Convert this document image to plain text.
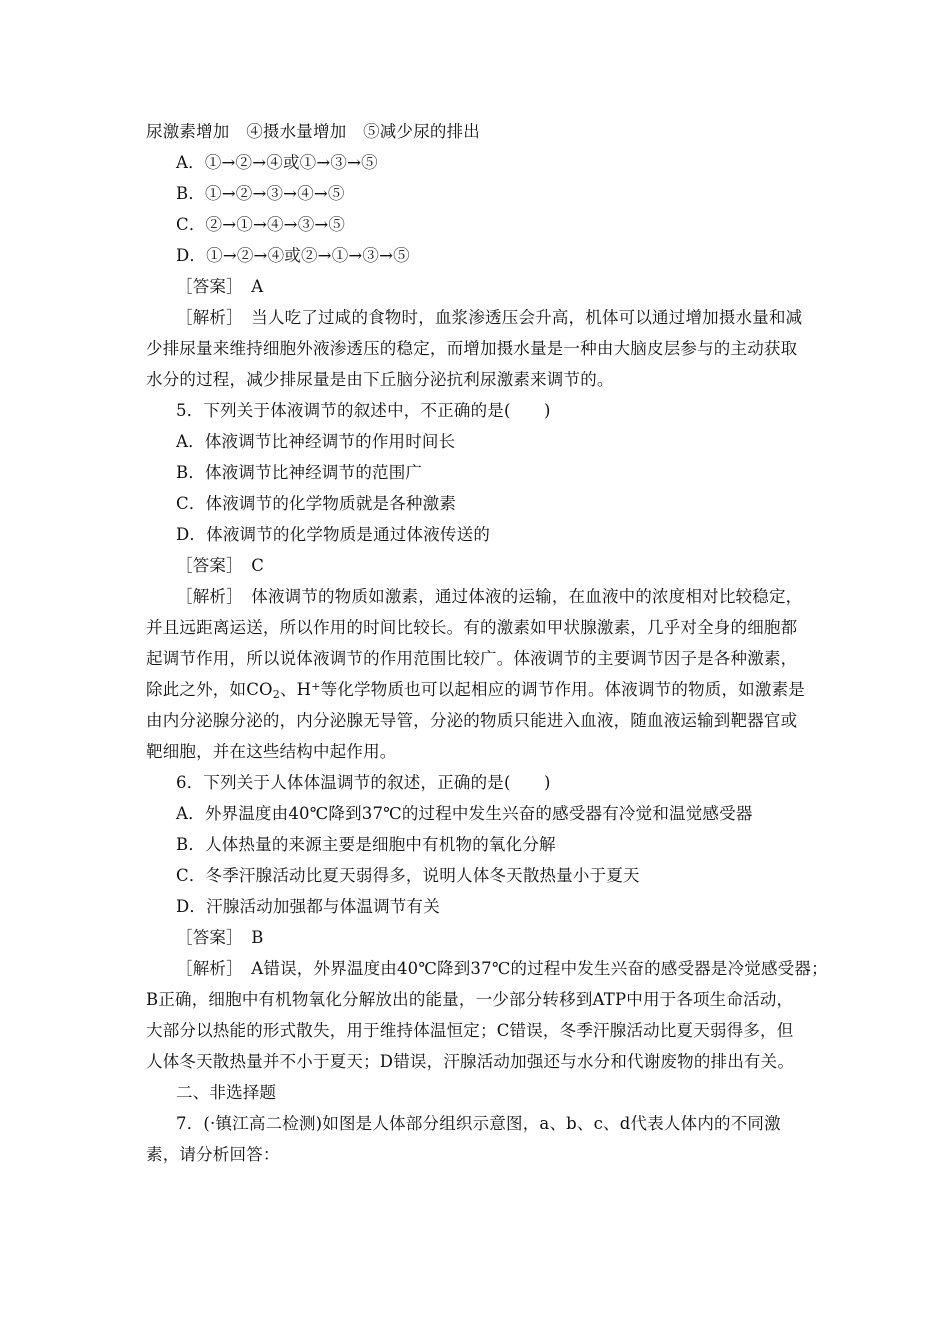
尿激素增加　④摄水量增加　⑤减少尿的排出
A．①→②→④或①→③→⑤
B．①→②→③→④→⑤
C．②→①→④→③→⑤
D．①→②→④或②→①→③→⑤
［答案］　A
［解析］　当人吃了过咸的食物时，血浆渗透压会升高，机体可以通过增加摄水量和减
少排尿量来维持细胞外液渗透压的稳定，而增加摄水量是一种由大脑皮层参与的主动获取
水分的过程，减少排尿量是由下丘脑分泌抗利尿激素来调节的。
5．下列关于体液调节的叙述中，不正确的是(　　)
A．体液调节比神经调节的作用时间长
B．体液调节比神经调节的范围广
C．体液调节的化学物质就是各种激素
D．体液调节的化学物质是通过体液传送的
［答案］　C
［解析］　体液调节的物质如激素，通过体液的运输，在血液中的浓度相对比较稳定，
并且远距离运送，所以作用的时间比较长。有的激素如甲状腺激素，几乎对全身的细胞都
起调节作用，所以说体液调节的作用范围比较广。体液调节的主要调节因子是各种激素，
除此之外，如$CO_2$、H+等化学物质也可以起相应的调节作用。体液调节的物质，如激素是
由内分泌腺分泌的，内分泌腺无导管，分泌的物质只能进入血液，随血液运输到靶器官或
靶细胞，并在这些结构中起作用。
6．下列关于人体体温调节的叙述，正确的是(　　)
A．外界温度由40℃降到37℃的过程中发生兴奋的感受器有冷觉和温觉感受器
B．人体热量的来源主要是细胞中有机物的氧化分解
C．冬季汗腺活动比夏天弱得多，说明人体冬天散热量小于夏天
D．汗腺活动加强都与体温调节有关
［答案］　B
［解析］　A错误，外界温度由40℃降到37℃的过程中发生兴奋的感受器是冷觉感受器；
B正确，细胞中有机物氧化分解放出的能量，一少部分转移到ATP中用于各项生命活动，
大部分以热能的形式散失，用于维持体温恒定；C错误，冬季汗腺活动比夏天弱得多，但
人体冬天散热量并不小于夏天；D错误，汗腺活动加强还与水分和代谢废物的排出有关。
二、非选择题
7．(·镇江高二检测)如图是人体部分组织示意图，a、b、c、d代表人体内的不同激
素，请分析回答：
